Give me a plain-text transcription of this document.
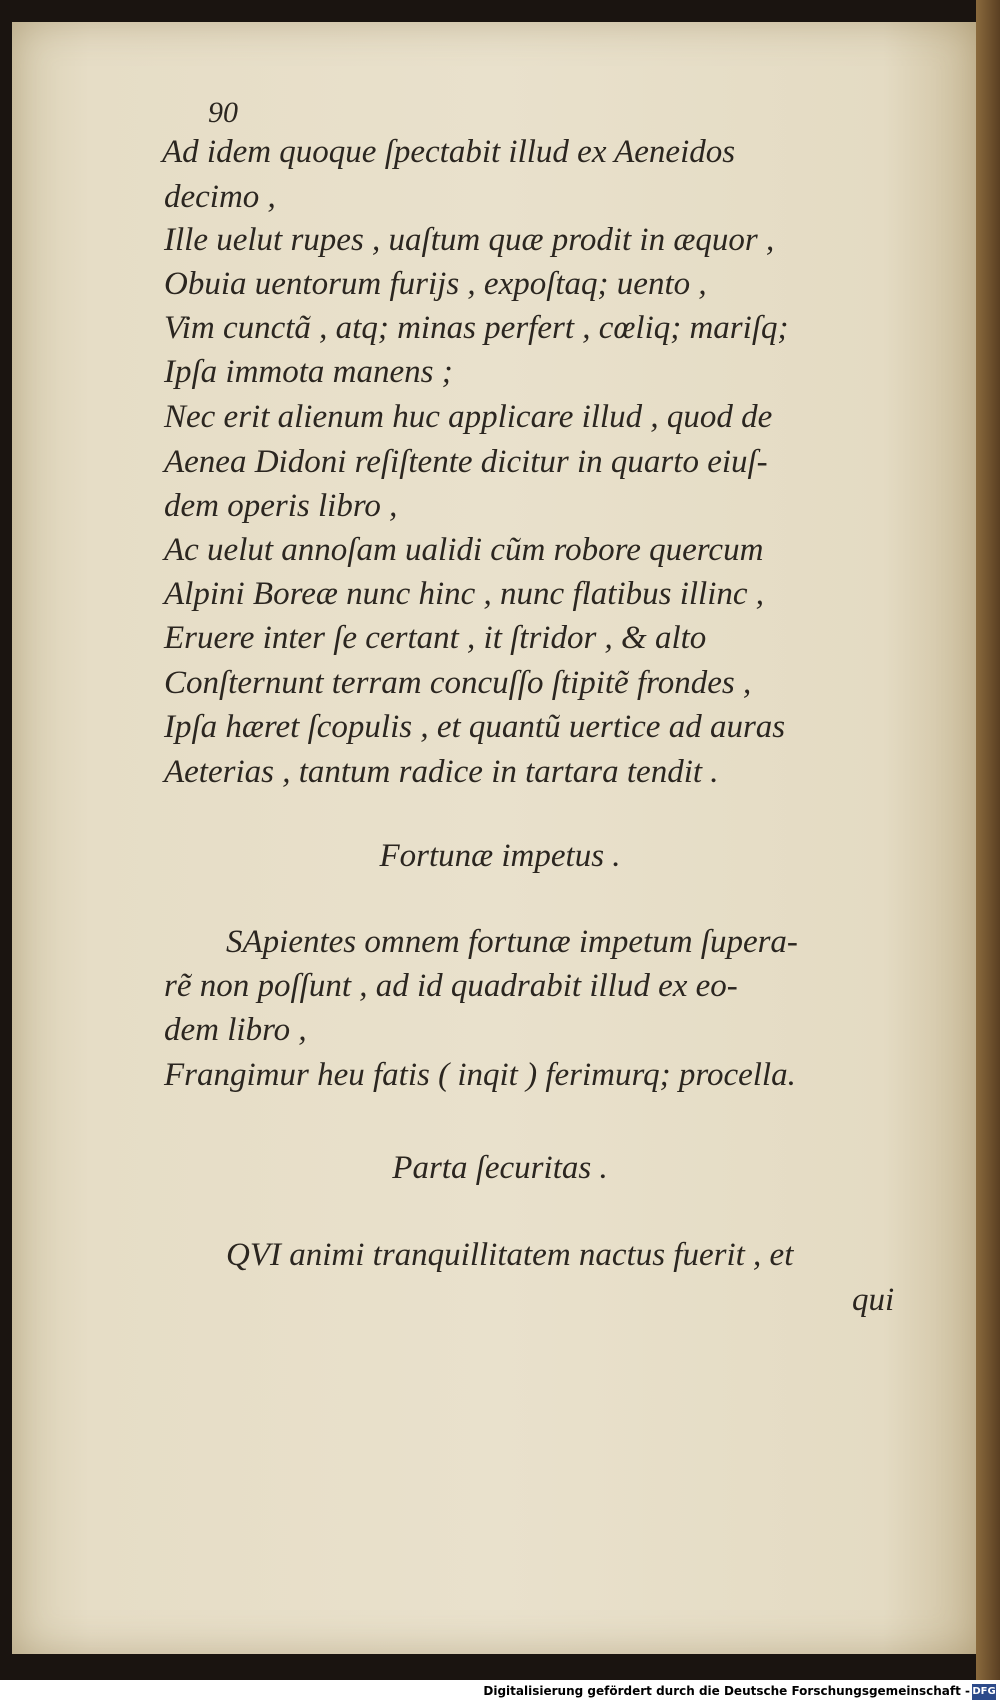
90
Ad idem quoque ſpectabit illud ex Aeneidos
decimo ,
Ille uelut rupes , uaſtum quæ prodit in æquor ,
Obuia uentorum furijs , expoſtaq; uento ,
Vim cunctã , atq; minas perfert , cœliq; mariſq;
Ipſa immota manens ;
Nec erit alienum huc applicare illud , quod de
Aenea Didoni reſiſtente dicitur in quarto eiuſ-
dem operis libro ,
Ac uelut annoſam ualidi cũm robore quercum
Alpini Boreæ nunc hinc , nunc flatibus illinc ,
Eruere inter ſe certant , it ſtridor , & alto
Conſternunt terram concuſſo ſtipitẽ frondes ,
Ipſa hæret ſcopulis , et quantũ uertice ad auras
Aeterias , tantum radice in tartara tendit .
Fortunæ impetus .
SApientes omnem fortunæ impetum ſupera-
rẽ non poſſunt , ad id quadrabit illud ex eo-
dem libro ,
Frangimur heu fatis ( inqit ) ferimurq; procella.
Parta ſecuritas .
QVI animi tranquillitatem nactus fuerit , et
qui
Digitalisierung gefördert durch die Deutsche Forschungsgemeinschaft - DFG
